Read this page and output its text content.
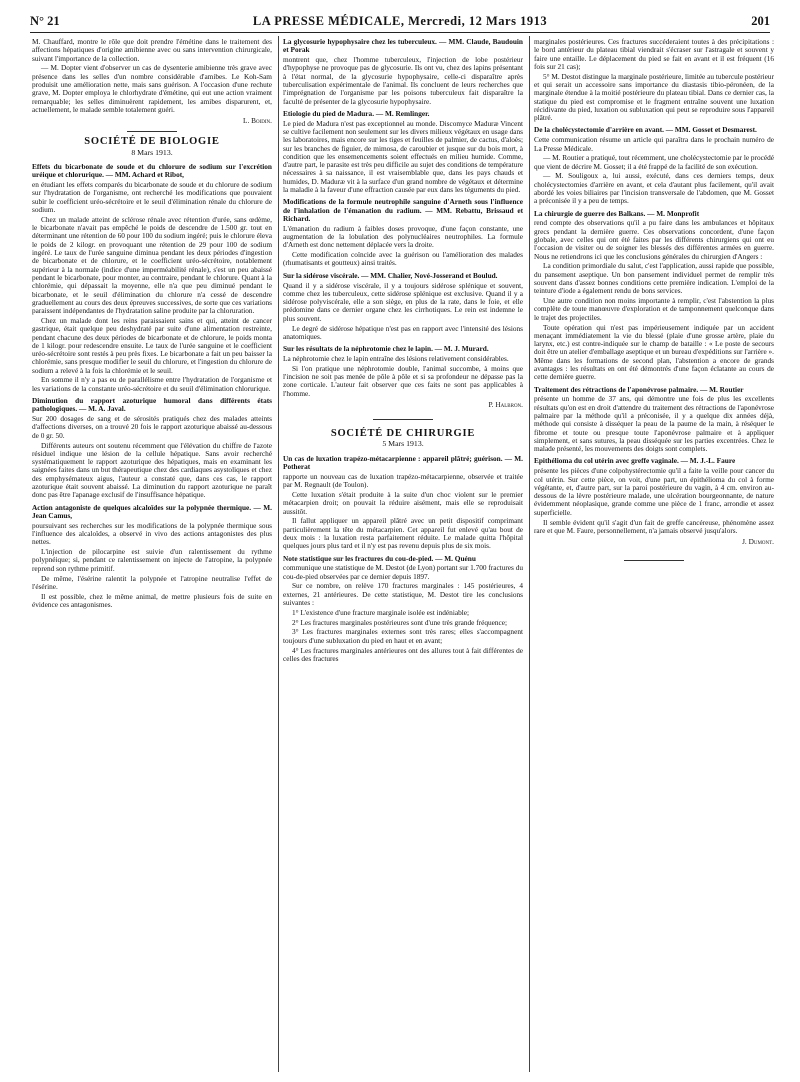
N° 21	LA PRESSE MÉDICALE, Mercredi, 12 Mars 1913	201

M. Chauffard, montre le rôle que doit prendre l'émétine dans le traitement des affections hépatiques d'origine amibienne avec ou sans intervention chirurgicale, suivant l'importance de la collection.

— M. Dopter vient d'observer un cas de dysenterie amibienne très grave avec présence dans les selles d'un nombre considérable d'amibes. Le Koh-Sam produisit une amélioration nette, mais sans guérison. A l'occasion d'une rechute grave, M. Dopter employa le chlorhydrate d'émétine, qui eut une action vraiment remarquable; les selles diminuèrent rapidement, les amibes disparurent, et, actuellement, le malade semble totalement guéri.

L. Boidin.

SOCIÉTÉ DE BIOLOGIE
8 Mars 1913.

Effets du bicarbonate de soude et du chlorure de sodium sur l'excrétion uréique et chlorurique. — MM. Achard et Ribot,

en étudiant les effets comparés du bicarbonate de soude et du chlorure de sodium sur l'hydratation de l'organisme, ont recherché les modifications que pouvaient subir le coefficient uréo-sécrétoire et le seuil d'élimination rénale du chlorure de sodium.

Chez un malade atteint de sclérose rénale avec rétention d'urée, sans œdème, le bicarbonate n'avait pas empêché le poids de descendre de 1.500 gr. tout en déterminant une rétention de 60 pour 100 du sodium ingéré; puis le chlorure éleva le poids de 2 kilogr. en provoquant une rétention de 29 pour 100 de sodium ingéré. Le taux de l'urée sanguine diminua pendant les deux périodes d'ingestion de bicarbonate et de chlorure, et le coefficient uréo-sécrétoire, notablement supérieur à la normale (indice d'une imperméabilité rénale), s'est un peu abaissé pendant le bicarbonate, pour monter, au contraire, pendant le chlorure. Quant à la chlorémie, qui dépassait la moyenne, elle n'a que peu diminué pendant le bicarbonate, et le seuil d'élimination du chlorure n'a cessé de descendre graduellement au cours des deux épreuves successives, de sorte que ces variations paraissent indépendantes de l'hydratation saline produite par la chloruration.

Chez un malade dont les reins paraissaient sains et qui, atteint de cancer gastrique, était quelque peu deshydraté par suite d'une alimentation restreinte, pendant chacune des deux périodes de bicarbonate et de chlorure, le poids monta de 1 kilogr. pour redescendre ensuite. Le taux de l'urée sanguine et le coefficient uréo-sécrétoire sont restés à peu près fixes. Le bicarbonate a fait un peu baisser la chlorémie, sans presque modifier le seuil du chlorure, et l'ingestion du chlorure de sodium a relevé à la fois la chlorémie et le seuil.

En somme il n'y a pas eu de parallélisme entre l'hydratation de l'organisme et les variations de la constante uréo-sécrétoire et du seuil d'élimination chlorurique.

Diminution du rapport azoturique humoral dans différents états pathologiques. — M. A. Javal.

Sur 200 dosages de sang et de sérosités pratiqués chez des malades atteints d'affections diverses, on a trouvé 20 fois le rapport azoturique abaissé au-dessous de 0 gr. 50.

Différents auteurs ont soutenu récemment que l'élévation du chiffre de l'azote résiduel indique une lésion de la cellule hépatique. Sans avoir recherché systématiquement le rapport azoturique des hépatiques, mais en examinant les saignées faites dans un but thérapeutique chez des cardiaques asystoliques et chez des emphysémateux aigus, l'auteur a constaté que, dans ces cas, le rapport azoturique était souvent abaissé. La diminution du rapport azoturique ne paraît donc pas être l'apanage exclusif de l'insuffisance hépatique.

Action antagoniste de quelques alcaloïdes sur la polypnée thermique. — M. Jean Camus,

poursuivant ses recherches sur les modifications de la polypnée thermique sous l'influence des alcaloïdes, a observé in vivo des actions antagonistes des plus nettes.

L'injection de pilocarpine est suivie d'un ralentissement du rythme polypnéique; si, pendant ce ralentissement on injecte de l'atropine, la polypnée reprend son rythme primitif.

De même, l'ésérine ralentit la polypnée et l'atropine neutralise l'effet de l'ésérine.

Il est possible, chez le même animal, de mettre plusieurs fois de suite en évidence ces antagonismes.

La glycosurie hypophysaire chez les tuberculeux. — MM. Claude, Baudouin et Porak

montrent que, chez l'homme tuberculeux, l'injection de lobe postérieur d'hypophyse ne provoque pas de glycosurie. Ils ont vu, chez des lapins présentant à l'état normal, de la glycosurie hypophysaire, celle-ci disparaître après tuberculisation expérimentale de l'animal. Ils concluent de leurs recherches que l'imprégnation de l'organisme par les poisons tuberculeux fait disparaître la faculté de présenter de la glycosurie hypophysaire.

Etiologie du pied de Madura. — M. Remlinger.

Le pied de Madura n'est pas exceptionnel au monde. Discomyce Maduræ Vincent se cultive facilement non seulement sur les divers milieux végétaux en usage dans les laboratoires, mais encore sur les tiges et feuilles de palmier, de cactus, d'aloès; sur les branches de figuier, de mimosa, de caroubier et jusque sur du bois mort, à condition que les ensemencements soient effectués en milieu humide. Comme, d'autre part, le parasite est très peu difficile au sujet des conditions de température nécessaires à sa naissance, il est vraisemblable que, dans les pays chauds et humides, D. Maduræ vit à la surface d'un grand nombre de végétaux et détermine la maladie à la faveur d'une effraction causée par eux dans les téguments du pied.

Modifications de la formule neutrophile sanguine d'Arneth sous l'influence de l'inhalation de l'émanation du radium. — MM. Rebattu, Brissaud et Richard.

L'émanation du radium à faibles doses provoque, d'une façon constante, une augmentation de la lobulation des polynucléaires neutrophiles. La formule d'Arneth est donc nettement déplacée vers la droite.

Cette modification coïncide avec la guérison ou l'amélioration des malades (rhumatisants et goutteux) ainsi traités.

Sur la sidérose viscérale. — MM. Chalier, Nové-Josserand et Boulud.

Quand il y a sidérose viscérale, il y a toujours sidérose splénique et souvent, comme chez les tuberculeux, cette sidérose splénique est exclusive. Quand il y a sidérose polyviscérale, elle a son siège, en plus de la rate, dans le foie, et elle prédomine dans ce dernier organe chez les cirrhotiques. Le rein est indemne le plus souvent.

Le degré de sidérose hépatique n'est pas en rapport avec l'intensité des lésions anatomiques.

Sur les résultats de la néphrotomie chez le lapin. — M. J. Murard.

La néphrotomie chez le lapin entraîne des lésions relativement considérables.

Si l'on pratique une néphrotomie double, l'animal succombe, à moins que l'incision ne soit pas menée de pôle à pôle et si sa profondeur ne dépasse pas la zone corticale. L'auteur fait observer que ces faits ne sont pas applicables à l'homme.

P. Halbron.

SOCIÉTÉ DE CHIRURGIE
5 Mars 1913.

Un cas de luxation trapézo-métacarpienne : appareil plâtré; guérison. — M. Potherat

rapporte un nouveau cas de luxation trapézo-métacarpienne, observée et traitée par M. Regnault (de Toulon).

Cette luxation s'était produite à la suite d'un choc violent sur le premier métacarpien droit; on pouvait la réduire aisément, mais elle se reproduisait aussitôt.

Il fallut appliquer un appareil plâtré avec un petit dispositif comprimant particulièrement la tête du métacarpien. Cet appareil fut enlevé qu'au bout de deux mois : la luxation resta parfaitement réduite. Le malade quitta l'hôpital quelques jours plus tard et il n'y est pas revenu depuis plus de six mois.

Note statistique sur les fractures du cou-de-pied. — M. Quénu

communique une statistique de M. Destot (de Lyon) portant sur 1.700 fractures du cou-de-pied observées par ce dernier depuis 1897.

Sur ce nombre, on relève 170 fractures marginales : 145 postérieures, 4 externes, 21 antérieures. De cette statistique, M. Destot tire les conclusions suivantes :

1° L'existence d'une fracture marginale isolée est indéniable;

2° Les fractures marginales postérieures sont d'une très grande fréquence;

3° Les fractures marginales externes sont très rares; elles s'accompagnent toujours d'une subluxation du pied en haut et en avant;

4° Les fractures marginales antérieures ont des allures tout à fait différentes de celles des fractures

marginales postérieures. Ces fractures succéderaient toutes à des précipitations : le bord antérieur du plateau tibial viendrait s'écraser sur l'astragale et souvent y faire une entaille. Le déplacement du pied se fait en avant et il est fréquent (16 fois sur 21 cas);

5° M. Destot distingue la marginale postérieure, limitée au tubercule postérieur et qui serait un accessoire sans importance du diastasis tibio-péronéen, de la marginale étendue à la moitié postérieure du plateau tibial. Dans ce dernier cas, la statique du pied est compromise et le fragment entraîne souvent une luxation récidivante du pied, luxation ou subluxation qui peut se reproduire sous l'appareil plâtré.

De la cholécystectomie d'arrière en avant. — MM. Gosset et Desmarest.

Cette communication résume un article qui paraîtra dans le prochain numéro de La Presse Médicale.

— M. Routier a pratiqué, tout récemment, une cholécystectomie par le procédé que vient de décrire M. Gosset; il a été frappé de la facilité de son exécution.

— M. Souligoux a, lui aussi, exécuté, dans ces derniers temps, deux cholécystectomies d'arrière en avant, et cela d'autant plus facilement, qu'il avait abordé les voies biliaires par l'incision transversale de l'abdomen, que M. Gosset a préconisée il y a peu de temps.

La chirurgie de guerre des Balkans. — M. Monprofit

rend compte des observations qu'il a pu faire dans les ambulances et hôpitaux grecs pendant la dernière guerre. Ces observations concordent, d'une façon globale, avec celles qui ont été faites par les différents chirurgiens qui ont eu l'occasion de visiter ou de soigner les blessés des différentes armées en guerre. Nous ne retiendrons ici que les conclusions générales du chirurgien d'Angers :

La condition primordiale du salut, c'est l'application, aussi rapide que possible, du pansement aseptique. Un bon pansement individuel permet de remplir très souvent dans d'assez bonnes conditions cette première indication. L'emploi de la teinture d'iode a également rendu de bons services.

Une autre condition non moins importante à remplir, c'est l'abstention la plus complète de toute manœuvre d'exploration et de tamponnement quelconque dans le trajet des projectiles.

Toute opération qui n'est pas impérieusement indiquée par un accident menaçant immédiatement la vie du blessé (plaie d'une grosse artère, plaie du larynx, etc.) est contre-indiquée sur le champ de bataille : « Le poste de secours doit être un atelier d'emballage aseptique et un bureau d'expéditions sur l'arrière ». Même dans les formations de second plan, l'abstention a encore de grands avantages : les résultats en ont été démontrés d'une façon éclatante au cours de cette dernière guerre.

Traitement des rétractions de l'aponévrose palmaire. — M. Routier

présente un homme de 37 ans, qui démontre une fois de plus les excellents résultats qu'on est en droit d'attendre du traitement des rétractions de l'aponévrose palmaire par la méthode qu'il a préconisée, il y a quelque dix années déjà, méthode qui consiste à disséquer la peau de la paume de la main, à réséquer le fibrome et toute ou presque toute l'aponévrose palmaire et à appliquer simplement, et sans sutures, la peau disséquée sur les parties excentrées. Chez le malade présenté, les mouvements des doigts sont complets.

Epithélioma du col utérin avec greffe vaginale. — M. J.-L. Faure

présente les pièces d'une colpohystérectomie qu'il a faite la veille pour cancer du col utérin. Sur cette pièce, on voit, d'une part, un épithélioma du col à forme végétante, et, d'autre part, sur la paroi postérieure du vagin, à 4 cm. environ au-dessous de la lèvre postérieure malade, une ulcération bourgeonnante, de nature évidemment néoplasique, grande comme une pièce de 1 franc, arrondie et assez superficielle.

Il semble évident qu'il s'agit d'un fait de greffe cancéreuse, phénomène assez rare et que M. Faure, personnellement, n'a jamais observé jusqu'alors.

J. Dumont.
